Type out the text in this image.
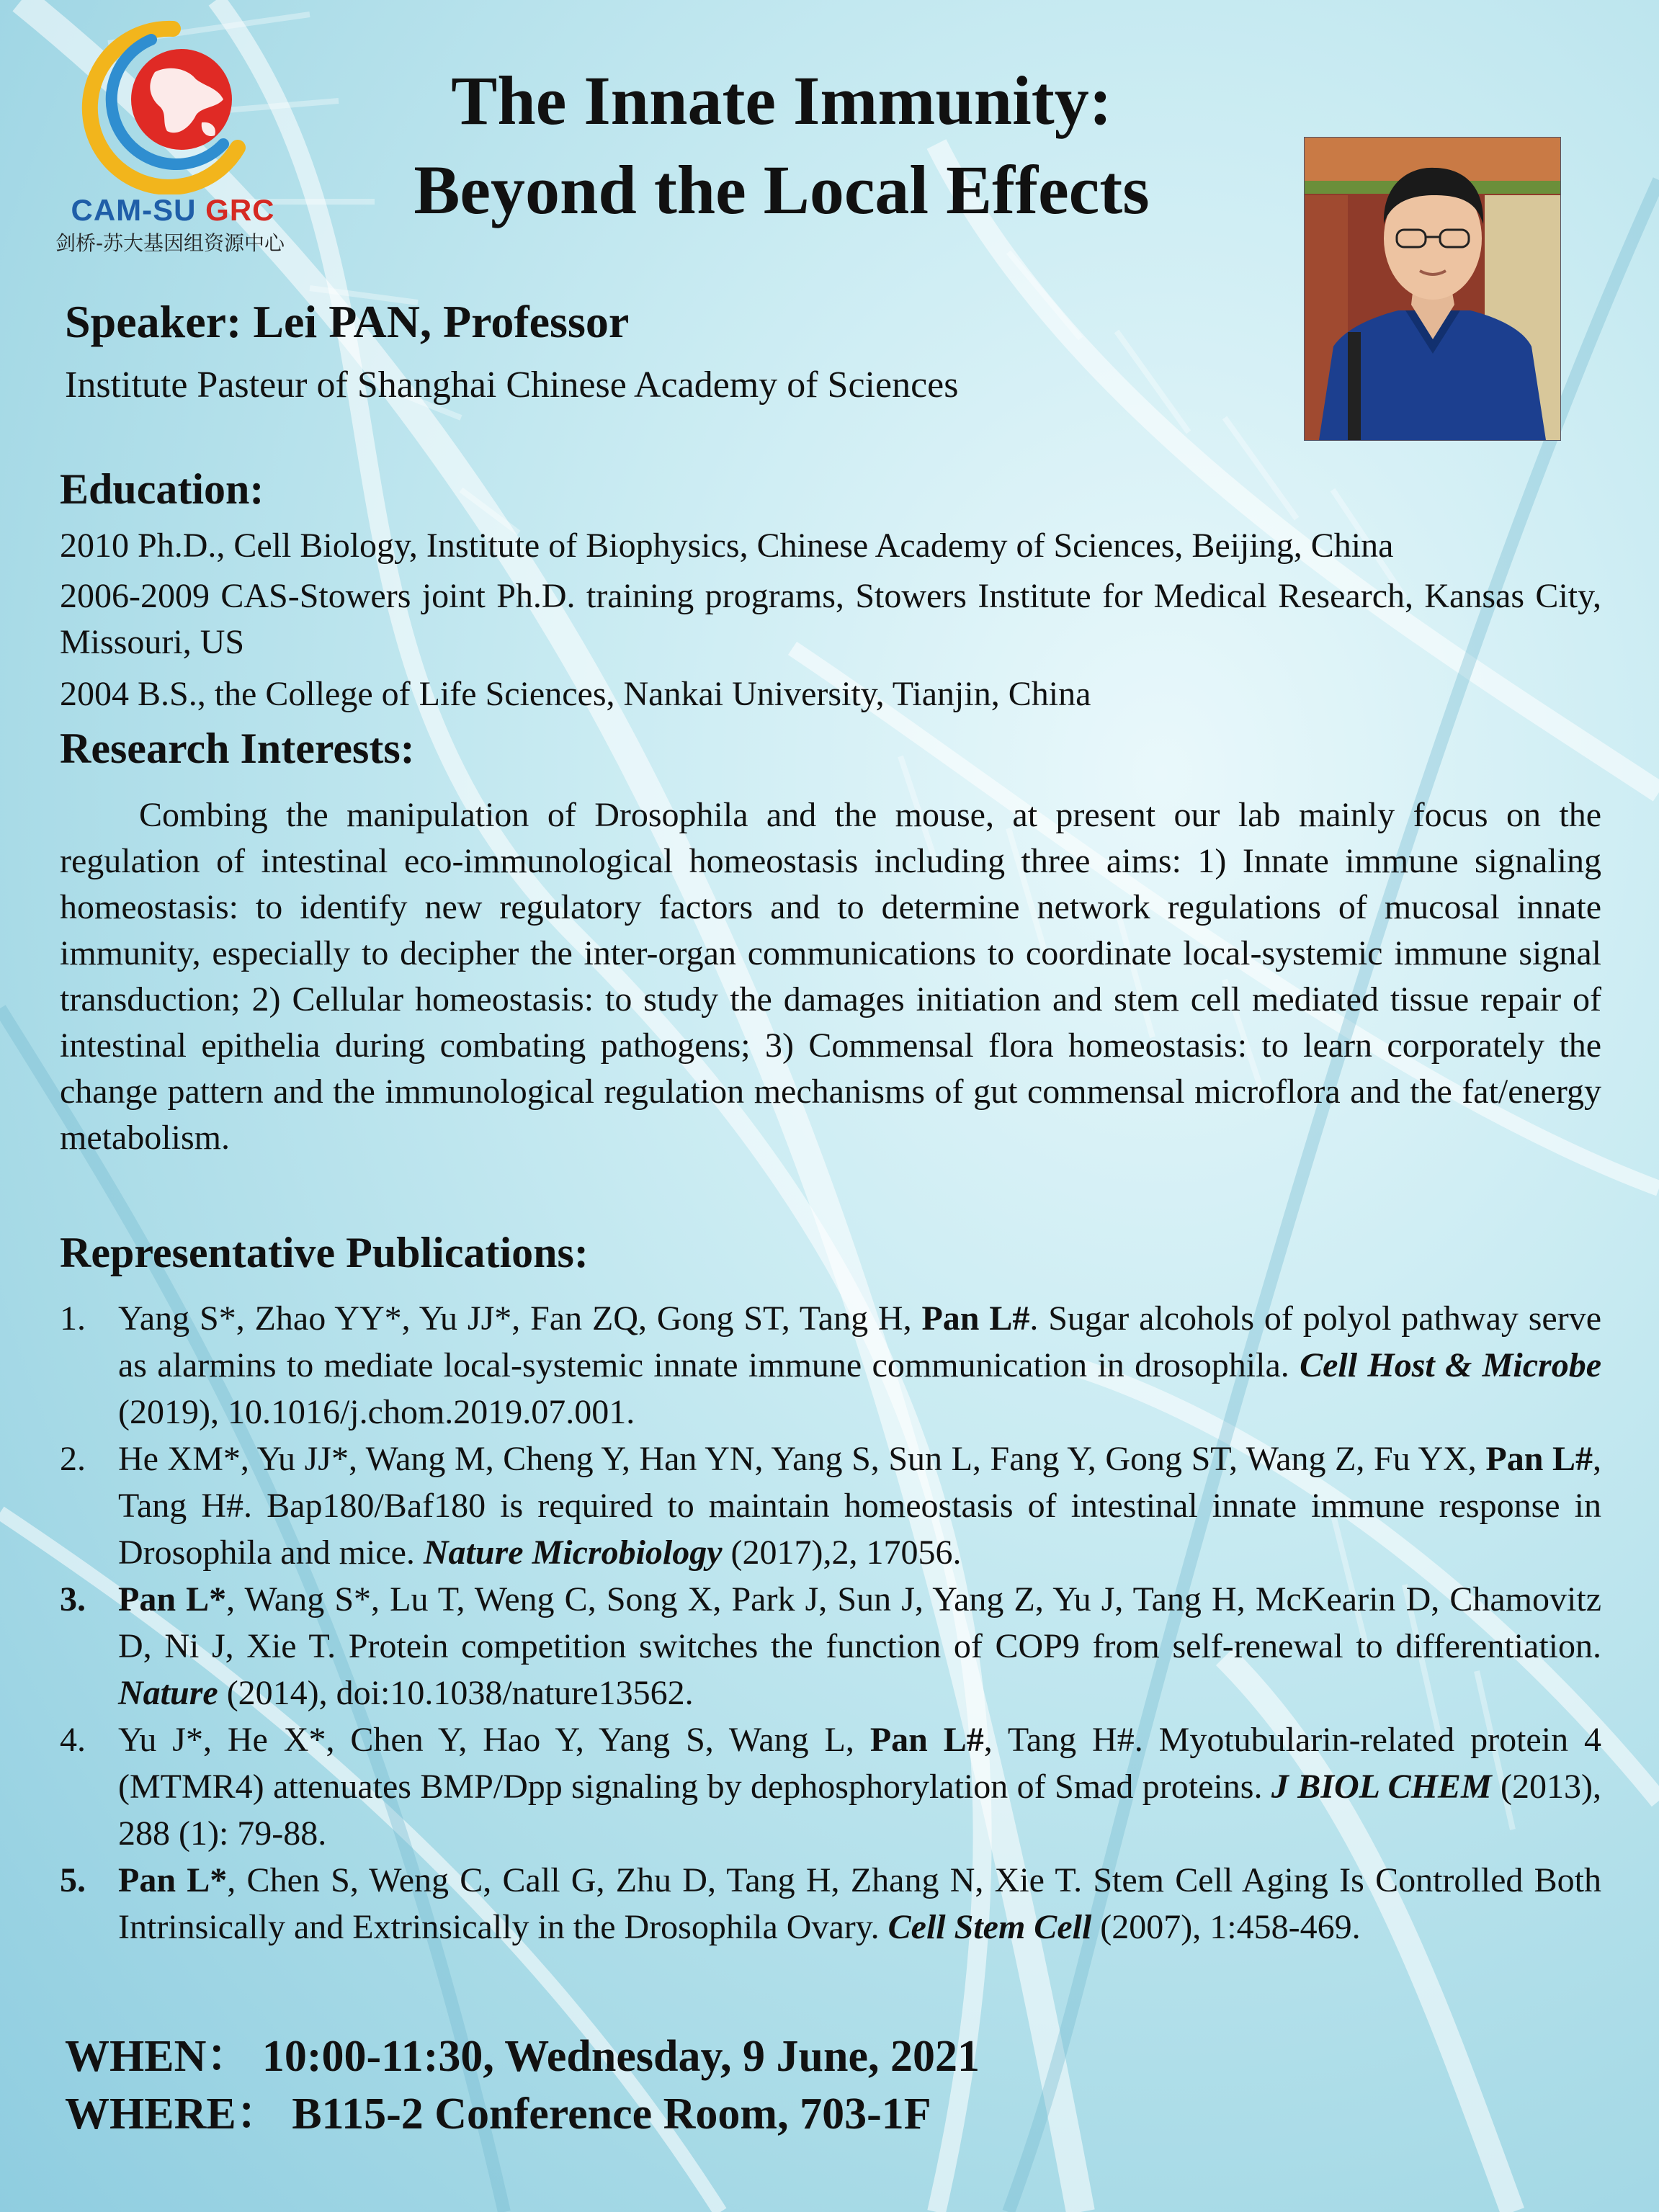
CAM-SU GRC
剑桥-苏大基因组资源中心
The Innate Immunity:
Beyond the Local Effects
Speaker: Lei PAN, Professor
Institute Pasteur of Shanghai Chinese Academy of Sciences
Education:
2010 Ph.D., Cell Biology, Institute of Biophysics, Chinese Academy of Sciences, Beijing, China
2006-2009 CAS-Stowers joint Ph.D. training programs, Stowers Institute for Medical Research, Kansas City, Missouri, US
2004 B.S., the College of Life Sciences, Nankai University, Tianjin, China
Research Interests:
Combing the manipulation of Drosophila and the mouse, at present our lab mainly focus on the regulation of intestinal eco-immunological homeostasis including three aims: 1) Innate immune signaling homeostasis: to identify new regulatory factors and to determine network regulations of mucosal innate immunity, especially to decipher the inter-organ communications to coordinate local-systemic immune signal transduction; 2) Cellular homeostasis: to study the damages initiation and stem cell mediated tissue repair of intestinal epithelia during combating pathogens; 3) Commensal flora homeostasis: to learn corporately the change pattern and the immunological regulation mechanisms of gut commensal microflora and the fat/energy metabolism.
Representative Publications:
1. Yang S*, Zhao YY*, Yu JJ*, Fan ZQ, Gong ST, Tang H, Pan L#. Sugar alcohols of polyol pathway serve as alarmins to mediate local-systemic innate immune communication in drosophila. Cell Host & Microbe (2019), 10.1016/j.chom.2019.07.001.
2. He XM*, Yu JJ*, Wang M, Cheng Y, Han YN, Yang S, Sun L, Fang Y, Gong ST, Wang Z, Fu YX, Pan L#, Tang H#. Bap180/Baf180 is required to maintain homeostasis of intestinal innate immune response in Drosophila and mice. Nature Microbiology (2017),2, 17056.
3. Pan L*, Wang S*, Lu T, Weng C, Song X, Park J, Sun J, Yang Z, Yu J, Tang H, McKearin D, Chamovitz D, Ni J, Xie T. Protein competition switches the function of COP9 from self-renewal to differentiation. Nature (2014), doi:10.1038/nature13562.
4. Yu J*, He X*, Chen Y, Hao Y, Yang S, Wang L, Pan L#, Tang H#. Myotubularin-related protein 4 (MTMR4) attenuates BMP/Dpp signaling by dephosphorylation of Smad proteins. J BIOL CHEM (2013), 288 (1): 79-88.
5. Pan L*, Chen S, Weng C, Call G, Zhu D, Tang H, Zhang N, Xie T. Stem Cell Aging Is Controlled Both Intrinsically and Extrinsically in the Drosophila Ovary. Cell Stem Cell (2007), 1:458-469.
WHEN： 10:00-11:30, Wednesday, 9 June, 2021
WHERE： B115-2 Conference Room, 703-1F
